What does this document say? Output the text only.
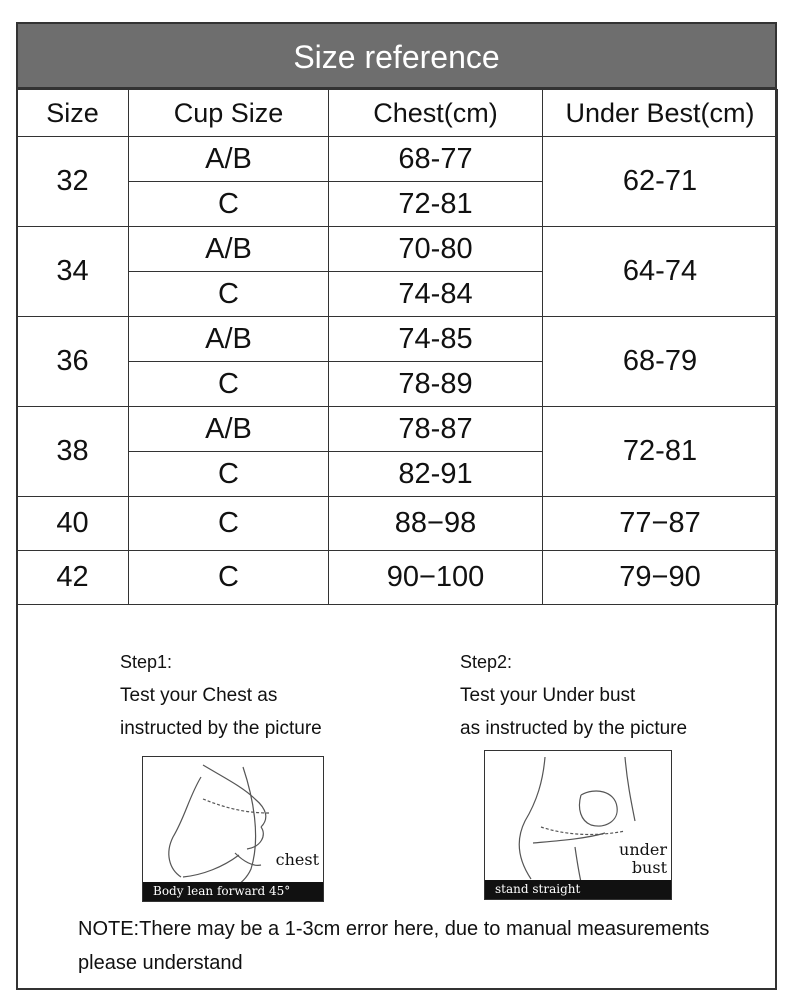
Size reference
Size	Cup Size	Chest(cm)	Under Best(cm)
32	A/B	68-77	62-71
	C	72-81	
34	A/B	70-80	64-74
	C	74-84	
36	A/B	74-85	68-79
	C	78-89	
38	A/B	78-87	72-81
	C	82-91	
40	C	88−98	77−87
42	C	90−100	79−90
Step1:
Test your Chest as
instructed by the picture
Step2:
Test your Under bust
as instructed by the picture
chest
Body lean forward 45°
under
bust
stand straight
NOTE:There may be a 1-3cm error here, due to manual measurements
please understand
